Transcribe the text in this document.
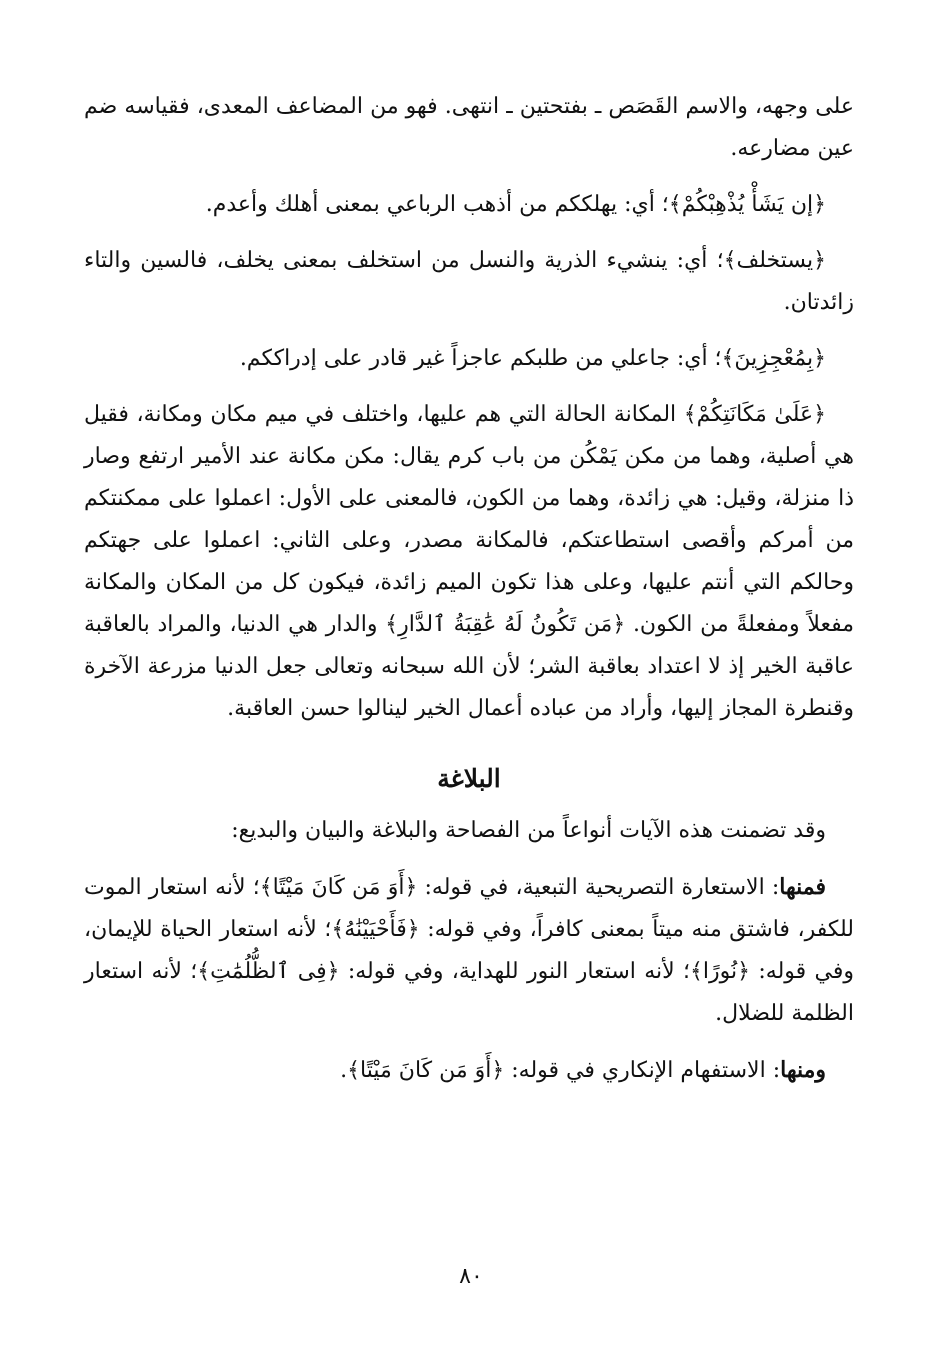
على وجهه، والاسم القَصَص ـ بفتحتين ـ انتهى. فهو من المضاعف المعدى، فقياسه ضم عين مضارعه.

﴿إن يَشَأْ يُذْهِبْكُمْ﴾؛ أي: يهلككم من أذهب الرباعي بمعنى أهلك وأعدم.

﴿يستخلف﴾؛ أي: ينشيء الذرية والنسل من استخلف بمعنى يخلف، فالسين والتاء زائدتان.

﴿بِمُعْجِزِينَ﴾؛ أي: جاعلي من طلبكم عاجزاً غير قادر على إدراككم.

﴿عَلَىٰ مَكَانَتِكُمْ﴾ المكانة الحالة التي هم عليها، واختلف في ميم مكان ومكانة، فقيل هي أصلية، وهما من مكن يَمْكُن من باب كرم يقال: مكن مكانة عند الأمير ارتفع وصار ذا منزلة، وقيل: هي زائدة، وهما من الكون، فالمعنى على الأول: اعملوا على ممكنتكم من أمركم وأقصى استطاعتكم، فالمكانة مصدر، وعلى الثاني: اعملوا على جهتكم وحالكم التي أنتم عليها، وعلى هذا تكون الميم زائدة، فيكون كل من المكان والمكانة مفعلاً ومفعلةً من الكون. ﴿مَن تَكُونُ لَهُ عَٰقِبَةُ ٱلدَّارِ﴾ والدار هي الدنيا، والمراد بالعاقبة عاقبة الخير إذ لا اعتداد بعاقبة الشر؛ لأن الله سبحانه وتعالى جعل الدنيا مزرعة الآخرة وقنطرة المجاز إليها، وأراد من عباده أعمال الخير لينالوا حسن العاقبة.

البلاغة

وقد تضمنت هذه الآيات أنواعاً من الفصاحة والبلاغة والبيان والبديع:

فمنها: الاستعارة التصريحية التبعية، في قوله: ﴿أَوَ مَن كَانَ مَيْتًا﴾؛ لأنه استعار الموت للكفر، فاشتق منه ميتاً بمعنى كافراً، وفي قوله: ﴿فَأَحْيَيْنَٰهُ﴾؛ لأنه استعار الحياة للإيمان، وفي قوله: ﴿نُورًا﴾؛ لأنه استعار النور للهداية، وفي قوله: ﴿فِى ٱلظُّلُمَٰتِ﴾؛ لأنه استعار الظلمة للضلال.

ومنها: الاستفهام الإنكاري في قوله: ﴿أَوَ مَن كَانَ مَيْتًا﴾.

٨٠
